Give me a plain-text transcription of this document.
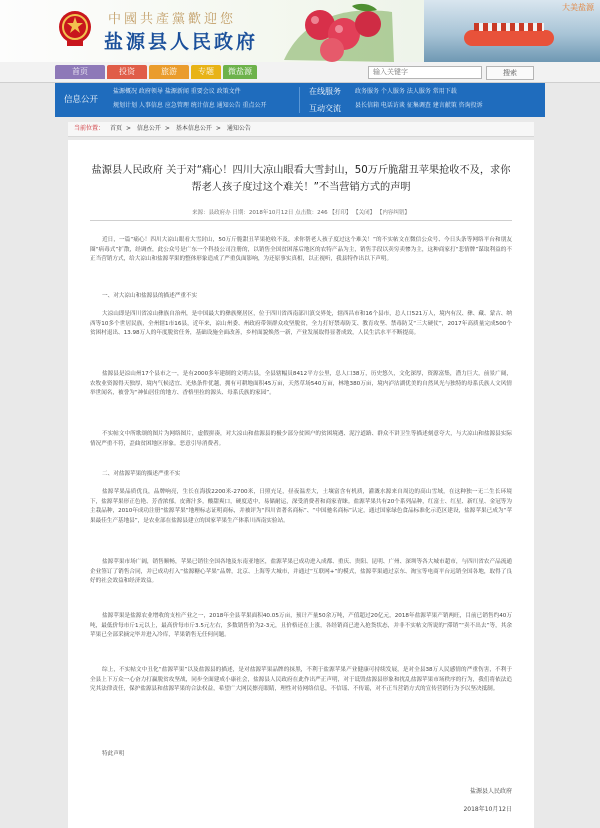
中國共產黨歡迎您
盐源县人民政府
大美盐源
首页	投资	旅游	专题	微盐源	输入关键字	搜索
信息公开
盐源概况 政府领导 盐源新闻 重要会议 政策文件
规划计划 人事信息 应急管理 统计信息 通知公告 重点公开
在线服务
互动交流
政务服务 个人服务 法人服务 常用下载
县长信箱 电话访谈 征集调查 建言献策 咨询投诉
当前位置： 首页 > 信息公开 > 基本信息公开 > 通知公告
盐源县人民政府 关于对“痛心！四川大凉山眼看大雪封山，50万斤脆甜丑苹果抢收不及，求你帮老人孩子度过这个难关！”不当营销方式的声明
来源：县政府办 日期：2018年10月12日 点击数：246 【打印】 【关闭】 【内容纠错】

近日，一篇“痛心！四川大凉山眼看大雪封山，50万斤脆甜丑苹果抢收不及，求你帮老人孩子度过这个难关！”的不实帖文在微信公众号、今日头条等网络平台和朋友圈“病毒式”扩散，经调查，此公众号是广东一个科技公司注册的，以销售全国贫困落后地区的农特产品为主，销售手段以卖穷卖惨为主，这种商家打“悲情牌”谋取利益的不正当营销方式，给大凉山和盐源苹果的整体形象造成了严重负面影响，为还原事实真相，以正视听，我县特作出以下声明。

一、对大凉山和盐源县的描述严重不实

大凉山即是四川省凉山彝族自治州，是中国最大的彝族聚居区，位于四川省西南部川滇交界处，辖西昌市和16个县市，总人口521万人，境内有汉、彝、藏、蒙古、纳西等10多个世居民族，全州辖1市16县，近年来，凉山州委、州政府带领群众攻坚脱贫，全力打好禁毒防艾、教育攻坚、禁毒防艾“三大硬仗”，2017年高质量完成500个贫困村退出、13.98万人的年度脱贫任务，基础设施全面改善，乡村面貌焕然一新，产业发展取得显著成效，人民生活水平不断提高。

盐源县是凉山州17个县市之一，是有2000多年建制的文明古县，全县辖幅员8412平方公里，总人口38万，历史悠久，文化深厚，资源富集，潜力巨大，前景广阔，农牧业资源得天独厚，境内气候适宜、光热条件优越，拥有可耕地面积45万亩，天然草场540万亩，林地380万亩，境内泸沽湖优美的自然风光与独特的母系氏族人文风情举世闻名，被誉为“神仙居住的地方、香格里拉的源头、母系氏族的家园”。

不实帖文中所歌颂的图片为网络图片，虚假拼凑，对大凉山和盐源县的极少部分贫困户的贫困境遇、泥泞道路、群众不讲卫生等描述刻意夸大，与大凉山和盐源县实际情况严重不符，歪曲贫困地区形象。恶意引导消费者。

二、对盐源苹果的描述严重不实

盐源苹果品质优良，品牌响亮，生长在海拔2200米-2700米，日照充足，昼夜温差大，土壤富含有机质，灌溉水源来自周边的高山雪域，在这种独一无二生长环境下，盐源苹果形正色艳、芳香浓郁，皮薄汁多，酸甜爽口，硬度适中，易储耐运，深受消费者和商家青睐。盐源苹果共有20个系列品种，红富士、红星、新红星、金冠等为主栽品种，2010年成功注册“盐源苹果”地理标志证明商标，并被评为“四川省著名商标”、“中国驰名商标”认定，通过国家绿色食品标准化示范区建设，盐源苹果已成为“苹果最佳生产基地县”，是农业部在盐源县建立的国家苹果生产体系川西南实验站。

盐源苹果市场广阔，销售顺畅，苹果已销往全国各地及东南亚地区，盐源苹果已成功进入成都、重庆、贵阳、昆明、广州、深圳等各大城市超市，与四川省农产品流通企业签订了销售合同，并已成功打入“盐源糖心苹果”品牌，北京、上海等大城市，并通过“互联网+”的模式，盐源苹果通过京东、淘宝等电商平台远销全国各地，取得了良好的社会效益和经济效益。

盐源苹果是盐源农业增收的支柱产业之一，2018年全县苹果面积40.05万亩，预计产量50余万吨，产值超过20亿元，2018年盐源苹果产销两旺，目前已销售约40万吨，最低价每市斤1元以上，最高价每市斤3.5元左右，多数销售价为2-3元，且价格还在上涨，各经销商已进入抢货状态，并非不实帖文所说的“滞销”“卖不出去”等，其余苹果已全部采摘完毕并进入冷库，苹果销售无任何问题。

综上，不实帖文中丑化“盐源苹果”以及盐源县的描述，是对盐源苹果品牌的抹黑，不利于盐源苹果产业健康可持续发展，是对全县38万人民感情的严重伤害，不利于全县上下万众一心奋力打赢脱贫攻坚战，同步全面建成小康社会，盐源县人民政府在此作出严正声明，对于诋毁盐源县形象和扰乱盐源苹果市场秩序的行为，我们将依法追究其法律责任，保护盐源县和盐源苹果的合法权益，希望广大网民擦亮眼睛，理性对待网络信息，不信谣、不传谣，对不正当营销方式的宣传营销行为予以坚决抵制。

特此声明

盐源县人民政府
2018年10月12日
